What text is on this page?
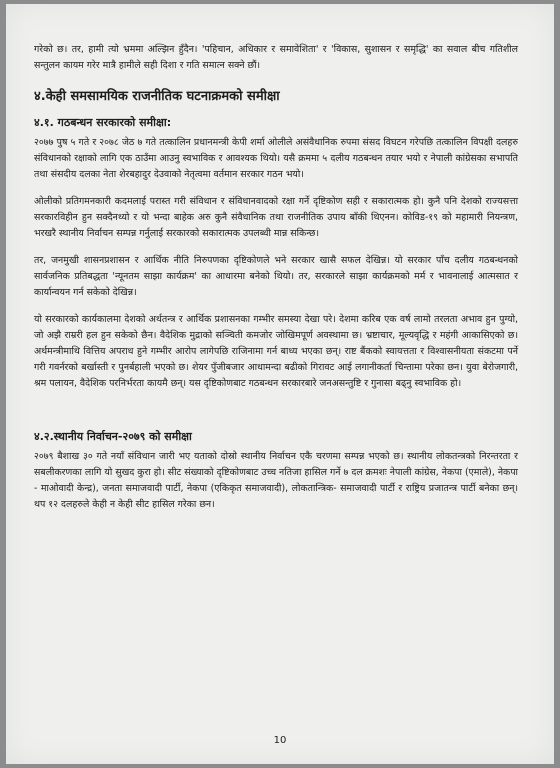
गरेको छ। तर, हामी त्यो भ्रममा अल्झिन हुँदैन। 'पहिचान, अधिकार र समावेशिता' र 'विकास, सुशासन र समृद्धि' का सवाल बीच गतिशील सन्तुलन कायम गरेर मात्रै हामीले सही दिशा र गति समात्न सक्ने छौं।

४.केही समसामयिक राजनीतिक घटनाक्रमको समीक्षा
४.१. गठबन्धन सरकारको समीक्षा:

२०७७ पुष ५ गते र २०७८ जेठ ७ गते तत्कालिन प्रधानमन्त्री केपी शर्मा ओलीले असंवैधानिक रुपमा संसद विघटन गरेपछि तत्कालिन विपक्षी दलहरु संविधानको रक्षाको लागि एक ठाउँमा आउनु स्वभाविक र आवश्यक थियो। यसै क्रममा ५ दलीय गठबन्धन तयार भयो र नेपाली कांग्रेसका सभापति तथा संसदीय दलका नेता शेरबहादुर देउवाको नेतृत्वमा वर्तमान सरकार गठन भयो।

ओलीको प्रतिगमनकारी कदमलाई परास्त गरी संविधान र संविधानवादको रक्षा गर्ने दृष्टिकोण सही र सकारात्मक हो। कुनै पनि देशको राज्यसत्ता सरकारविहीन हुन सक्दैनथ्यो र यो भन्दा बाहेक अरु कुनै संवैधानिक तथा राजनीतिक उपाय बाँकी थिएनन। कोविड-१९ को महामारी नियन्त्रण, भरखरै स्थानीय निर्वाचन सम्पन्न गर्नुलाई सरकारको सकारात्मक उपलब्धी मान्न सकिन्छ।

तर, जनमुखी शासनप्रशासन र आर्थिक नीति निरुपणका दृष्टिकोणले भने सरकार खासै सफल देखिन्न। यो सरकार पाँच दलीय गठबन्धनको सार्वजनिक प्रतिबद्धता 'न्यूनतम साझा कार्यक्रम' का आधारमा बनेको थियो। तर, सरकारले साझा कार्यक्रमको मर्म र भावनालाई आत्मसात र कार्यान्वयन गर्न सकेको देखिन्न।

यो सरकारको कार्यकालमा देशको अर्थतन्त्र र आर्थिक प्रशासनका गम्भीर समस्या देखा परे। देशमा करिब एक वर्ष लामो तरलता अभाव हुन पुग्यो, जो अझै राम्ररी हल हुन सकेको छैन। वैदेशिक मुद्राको सञ्चिती कमजोर जोखिमपूर्ण अवस्थामा छ। भ्रष्टाचार, मूल्यवृद्धि र महंगी आकासिएको छ। अर्थमन्त्रीमाथि वित्तिय अपराध हुने गम्भीर आरोप लागेपछि राजिनामा गर्न बाध्य भएका छन्। राष्ट बैंकको स्वायत्तता र विश्वासनीयता संकटमा पर्ने गरी गवर्नरको बर्खास्ती र पुनर्बहाली भएको छ। शेयर पुँजीबजार आधामन्दा बढीको गिरावट आई लगानीकर्ता चिन्तामा परेका छन। युवा बेरोजगारी, श्रम पलायन, वैदेशिक परनिर्भरता कायमै छन्। यस दृष्टिकोणबाट गठबन्धन सरकारबारे जनअसन्तुष्टि र गुनासा बढ्नु स्वभाविक हो।

४.२.स्थानीय निर्वाचन-२०७९ को समीक्षा

२०७९ बैशाख ३० गते नयाँ संविधान जारी भए यताको दोस्रो स्थानीय निर्वाचन एकै चरणमा सम्पन्न भएको छ। स्थानीय लोकतन्त्रको निरन्तरता र सबलीकरणका लागि यो सुखद कुरा हो। सीट संख्याको दृष्टिकोणबाट उच्च नतिजा हासिल गर्ने ७ दल क्रमशः नेपाली कांग्रेस, नेकपा (एमाले), नेकपा - माओवादी केन्द्र), जनता समाजवादी पार्टी, नेकपा (एकिकृत समाजवादी), लोकतान्त्रिक- समाजवादी पार्टी र राष्ट्रिय प्रजातन्त्र पार्टी बनेका छन्। थप १२ दलहरुले केही न केही सीट हासिल गरेका छन।

10
